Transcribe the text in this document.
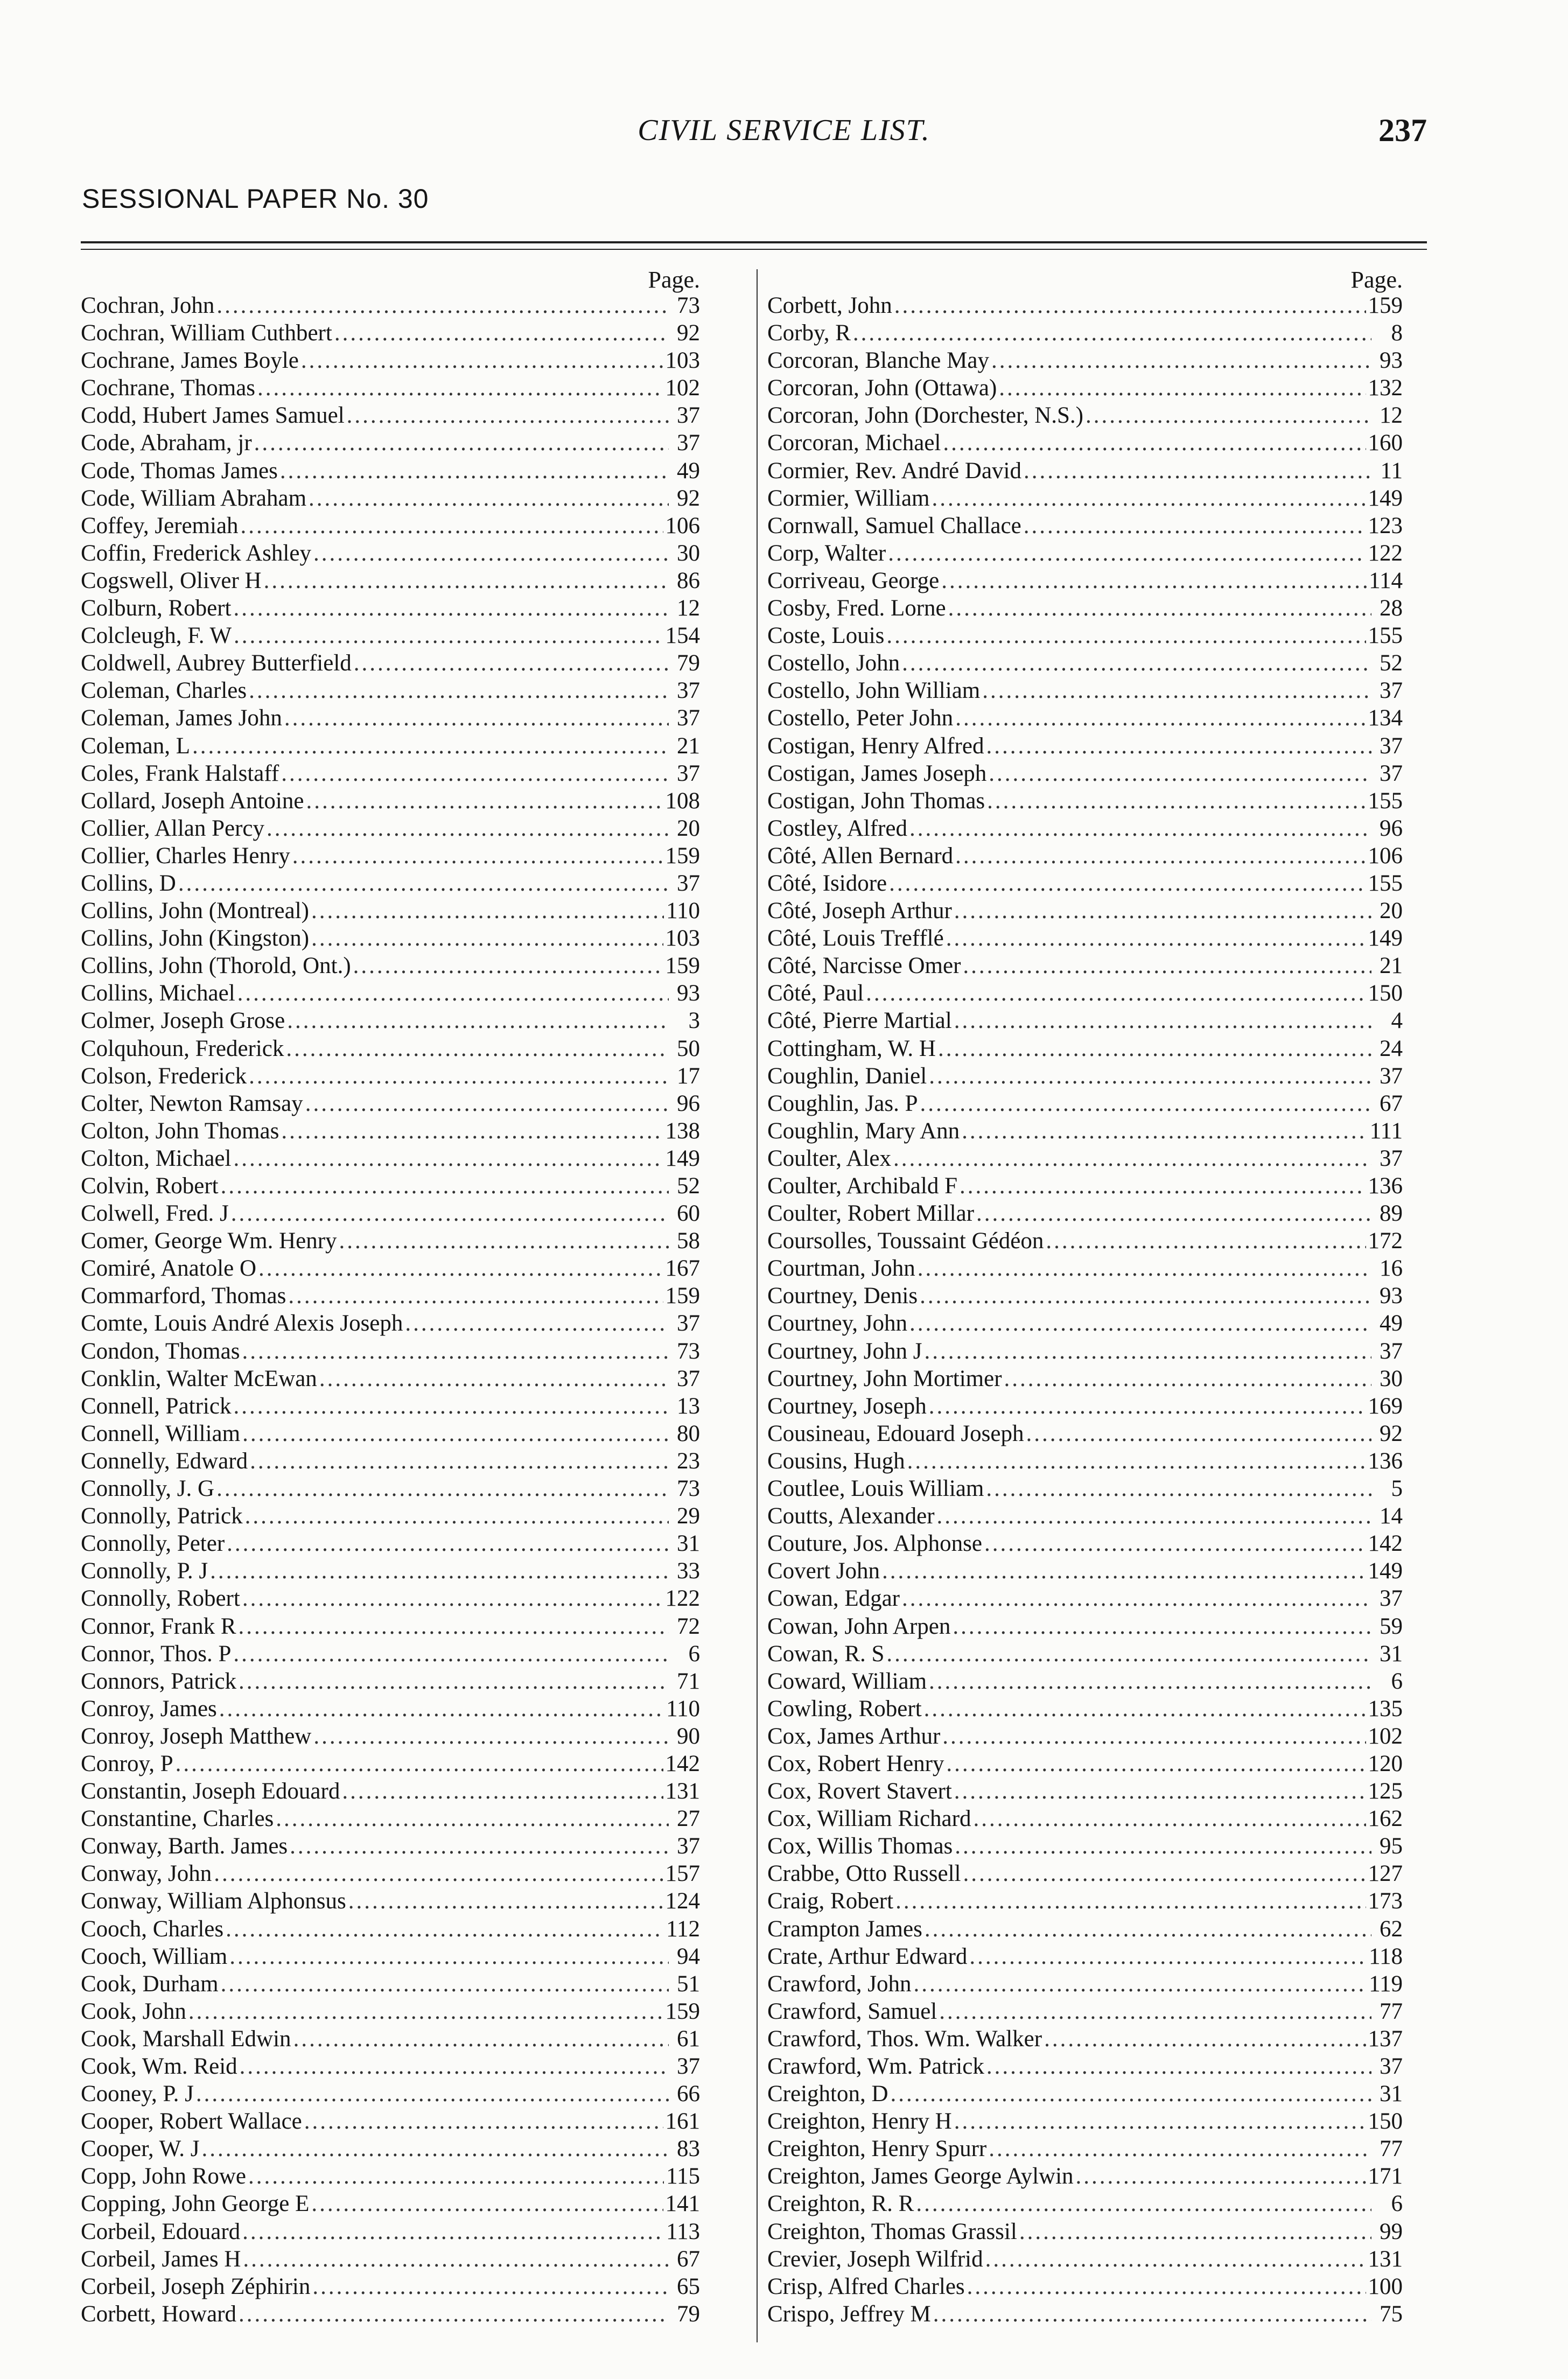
CIVIL SERVICE LIST.	237
SESSIONAL PAPER No. 30
Page.
Cochran, John .....	73
Cochran, William Cuthbert .....	92
Cochrane, James Boyle .....	103
Cochrane, Thomas .....	102
Codd, Hubert James Samuel .....	37
Code, Abraham, jr .....	37
Code, Thomas James .....	49
Code, William Abraham .....	92
Coffey, Jeremiah .....	106
Coffin, Frederick Ashley .....	30
Cogswell, Oliver H .....	86
Colburn, Robert .....	12
Colcleugh, F. W .....	154
Coldwell, Aubrey Butterfield .....	79
Coleman, Charles .....	37
Coleman, James John .....	37
Coleman, L .....	21
Coles, Frank Halstaff .....	37
Collard, Joseph Antoine .....	108
Collier, Allan Percy .....	20
Collier, Charles Henry .....	159
Collins, D .....	37
Collins, John (Montreal) .....	110
Collins, John (Kingston) .....	103
Collins, John (Thorold, Ont.) .....	159
Collins, Michael .....	93
Colmer, Joseph Grose .....	3
Colquhoun, Frederick .....	50
Colson, Frederick .....	17
Colter, Newton Ramsay .....	96
Colton, John Thomas .....	138
Colton, Michael .....	149
Colvin, Robert .....	52
Colwell, Fred. J .....	60
Comer, George Wm. Henry .....	58
Comiré, Anatole O .....	167
Commarford, Thomas .....	159
Comte, Louis André Alexis Joseph .....	37
Condon, Thomas .....	73
Conklin, Walter McEwan .....	37
Connell, Patrick .....	13
Connell, William .....	80
Connelly, Edward .....	23
Connolly, J. G .....	73
Connolly, Patrick .....	29
Connolly, Peter .....	31
Connolly, P. J .....	33
Connolly, Robert .....	122
Connor, Frank R .....	72
Connor, Thos. P .....	6
Connors, Patrick .....	71
Conroy, James .....	110
Conroy, Joseph Matthew .....	90
Conroy, P .....	142
Constantin, Joseph Edouard .....	131
Constantine, Charles .....	27
Conway, Barth. James .....	37
Conway, John .....	157
Conway, William Alphonsus .....	124
Cooch, Charles .....	112
Cooch, William .....	94
Cook, Durham .....	51
Cook, John .....	159
Cook, Marshall Edwin .....	61
Cook, Wm. Reid .....	37
Cooney, P. J .....	66
Cooper, Robert Wallace .....	161
Cooper, W. J .....	83
Copp, John Rowe .....	115
Copping, John George E .....	141
Corbeil, Edouard .....	113
Corbeil, James H .....	67
Corbeil, Joseph Zéphirin .....	65
Corbett, Howard .....	79
Page.
Corbett, John .....	159
Corby, R .....	8
Corcoran, Blanche May .....	93
Corcoran, John (Ottawa) .....	132
Corcoran, John (Dorchester, N.S.) .....	12
Corcoran, Michael .....	160
Cormier, Rev. André David .....	11
Cormier, William .....	149
Cornwall, Samuel Challace .....	123
Corp, Walter .....	122
Corriveau, George .....	114
Cosby, Fred. Lorne .....	28
Coste, Louis .....	155
Costello, John .....	52
Costello, John William .....	37
Costello, Peter John .....	134
Costigan, Henry Alfred .....	37
Costigan, James Joseph .....	37
Costigan, John Thomas .....	155
Costley, Alfred .....	96
Côté, Allen Bernard .....	106
Côté, Isidore .....	155
Côté, Joseph Arthur .....	20
Côté, Louis Trefflé .....	149
Côté, Narcisse Omer .....	21
Côté, Paul .....	150
Côté, Pierre Martial .....	4
Cottingham, W. H .....	24
Coughlin, Daniel .....	37
Coughlin, Jas. P .....	67
Coughlin, Mary Ann .....	111
Coulter, Alex .....	37
Coulter, Archibald F .....	136
Coulter, Robert Millar .....	89
Coursolles, Toussaint Gédéon .....	172
Courtman, John .....	16
Courtney, Denis .....	93
Courtney, John .....	49
Courtney, John J .....	37
Courtney, John Mortimer .....	30
Courtney, Joseph .....	169
Cousineau, Edouard Joseph .....	92
Cousins, Hugh .....	136
Coutlee, Louis William .....	5
Coutts, Alexander .....	14
Couture, Jos. Alphonse .....	142
Covert John .....	149
Cowan, Edgar .....	37
Cowan, John Arpen .....	59
Cowan, R. S .....	31
Coward, William .....	6
Cowling, Robert .....	135
Cox, James Arthur .....	102
Cox, Robert Henry .....	120
Cox, Rovert Stavert .....	125
Cox, William Richard .....	162
Cox, Willis Thomas .....	95
Crabbe, Otto Russell .....	127
Craig, Robert .....	173
Crampton James .....	62
Crate, Arthur Edward .....	118
Crawford, John .....	119
Crawford, Samuel .....	77
Crawford, Thos. Wm. Walker .....	137
Crawford, Wm. Patrick .....	37
Creighton, D .....	31
Creighton, Henry H .....	150
Creighton, Henry Spurr .....	77
Creighton, James George Aylwin .....	171
Creighton, R. R .....	6
Creighton, Thomas Grassil .....	99
Crevier, Joseph Wilfrid .....	131
Crisp, Alfred Charles .....	100
Crispo, Jeffrey M .....	75
